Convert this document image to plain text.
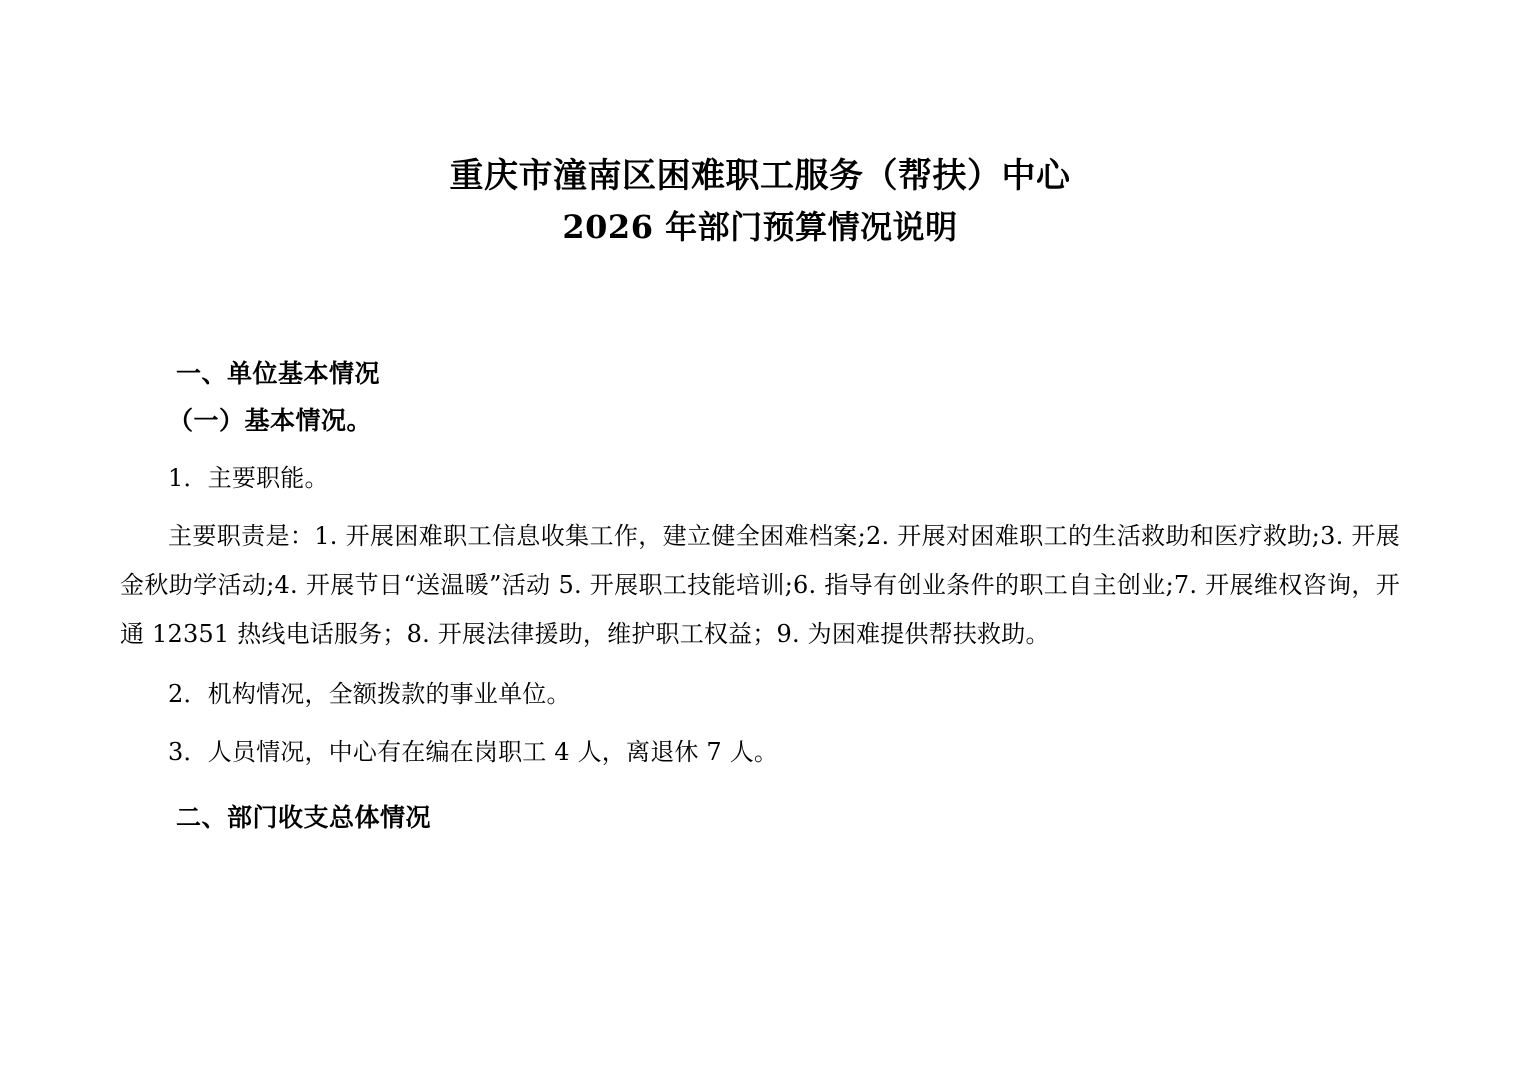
重庆市潼南区困难职工服务（帮扶）中心
2026 年部门预算情况说明
一、单位基本情况
（一）基本情况。

1．主要职能。

主要职责是：1. 开展困难职工信息收集工作，建立健全困难档案;2. 开展对困难职工的生活救助和医疗救助;3. 开展金秋助学活动;4. 开展节日“送温暖”活动 5. 开展职工技能培训;6. 指导有创业条件的职工自主创业;7. 开展维权咨询，开通 12351 热线电话服务；8. 开展法律援助，维护职工权益；9. 为困难提供帮扶救助。

2．机构情况，全额拨款的事业单位。

3．人员情况，中心有在编在岗职工 4 人，离退休 7 人。

二、部门收支总体情况
